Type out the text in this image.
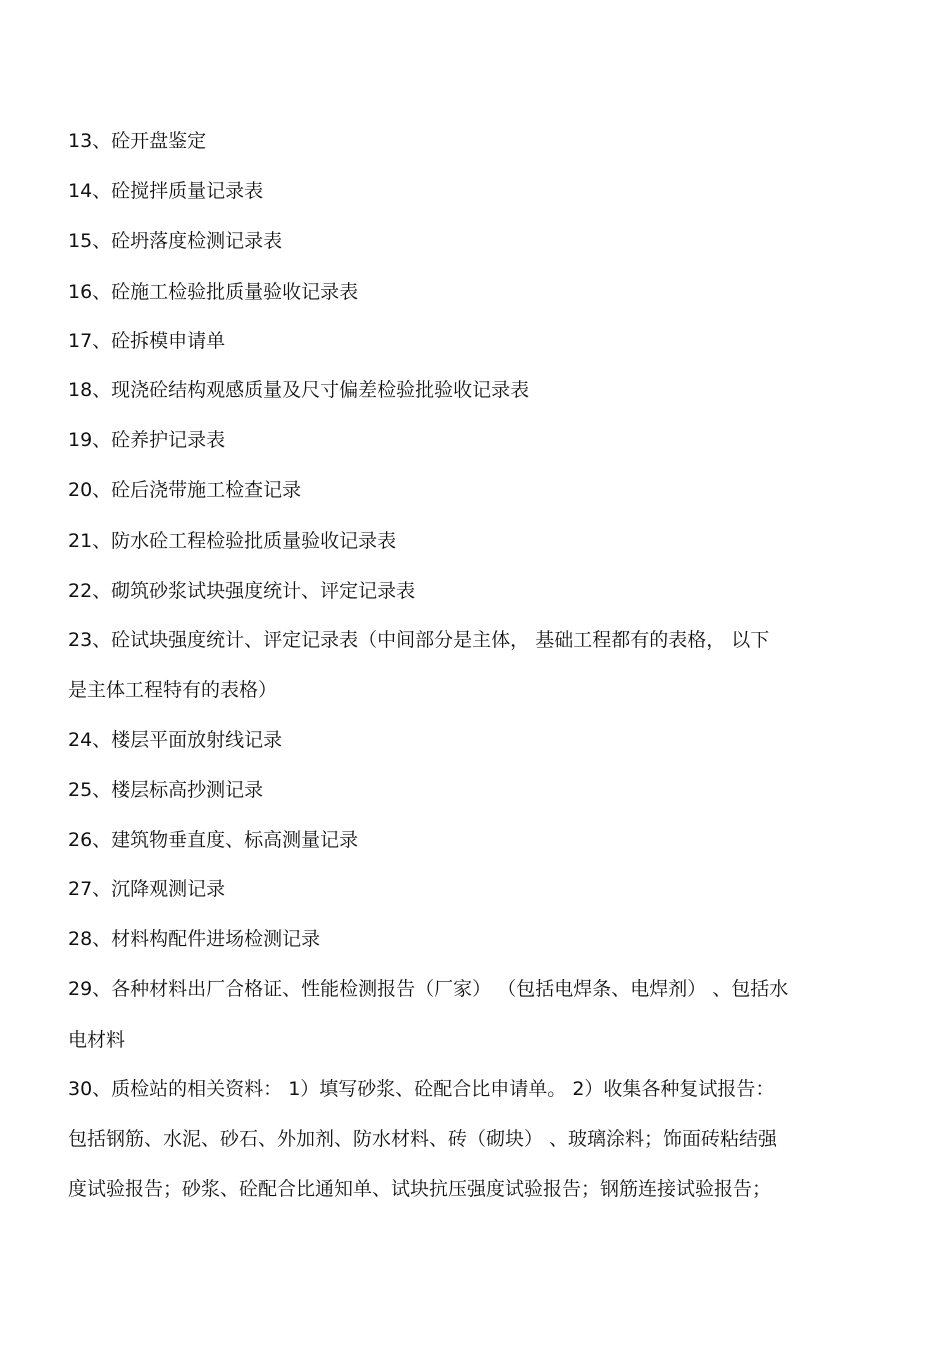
13、砼开盘鉴定
14、砼搅拌质量记录表
15、砼坍落度检测记录表
16、砼施工检验批质量验收记录表
17、砼拆模申请单
18、现浇砼结构观感质量及尺寸偏差检验批验收记录表
19、砼养护记录表
20、砼后浇带施工检查记录
21、防水砼工程检验批质量验收记录表
22、砌筑砂浆试块强度统计、评定记录表
23、砼试块强度统计、评定记录表（中间部分是主体， 基础工程都有的表格， 以下
是主体工程特有的表格）
24、楼层平面放射线记录
25、楼层标高抄测记录
26、建筑物垂直度、标高测量记录
27、沉降观测记录
28、材料构配件进场检测记录
29、各种材料出厂合格证、性能检测报告（厂家） （包括电焊条、电焊剂） 、包括水
电材料
30、质检站的相关资料： 1）填写砂浆、砼配合比申请单。 2）收集各种复试报告：
包括钢筋、水泥、砂石、外加剂、防水材料、砖（砌块） 、玻璃涂料；饰面砖粘结强
度试验报告；砂浆、砼配合比通知单、试块抗压强度试验报告；钢筋连接试验报告；
